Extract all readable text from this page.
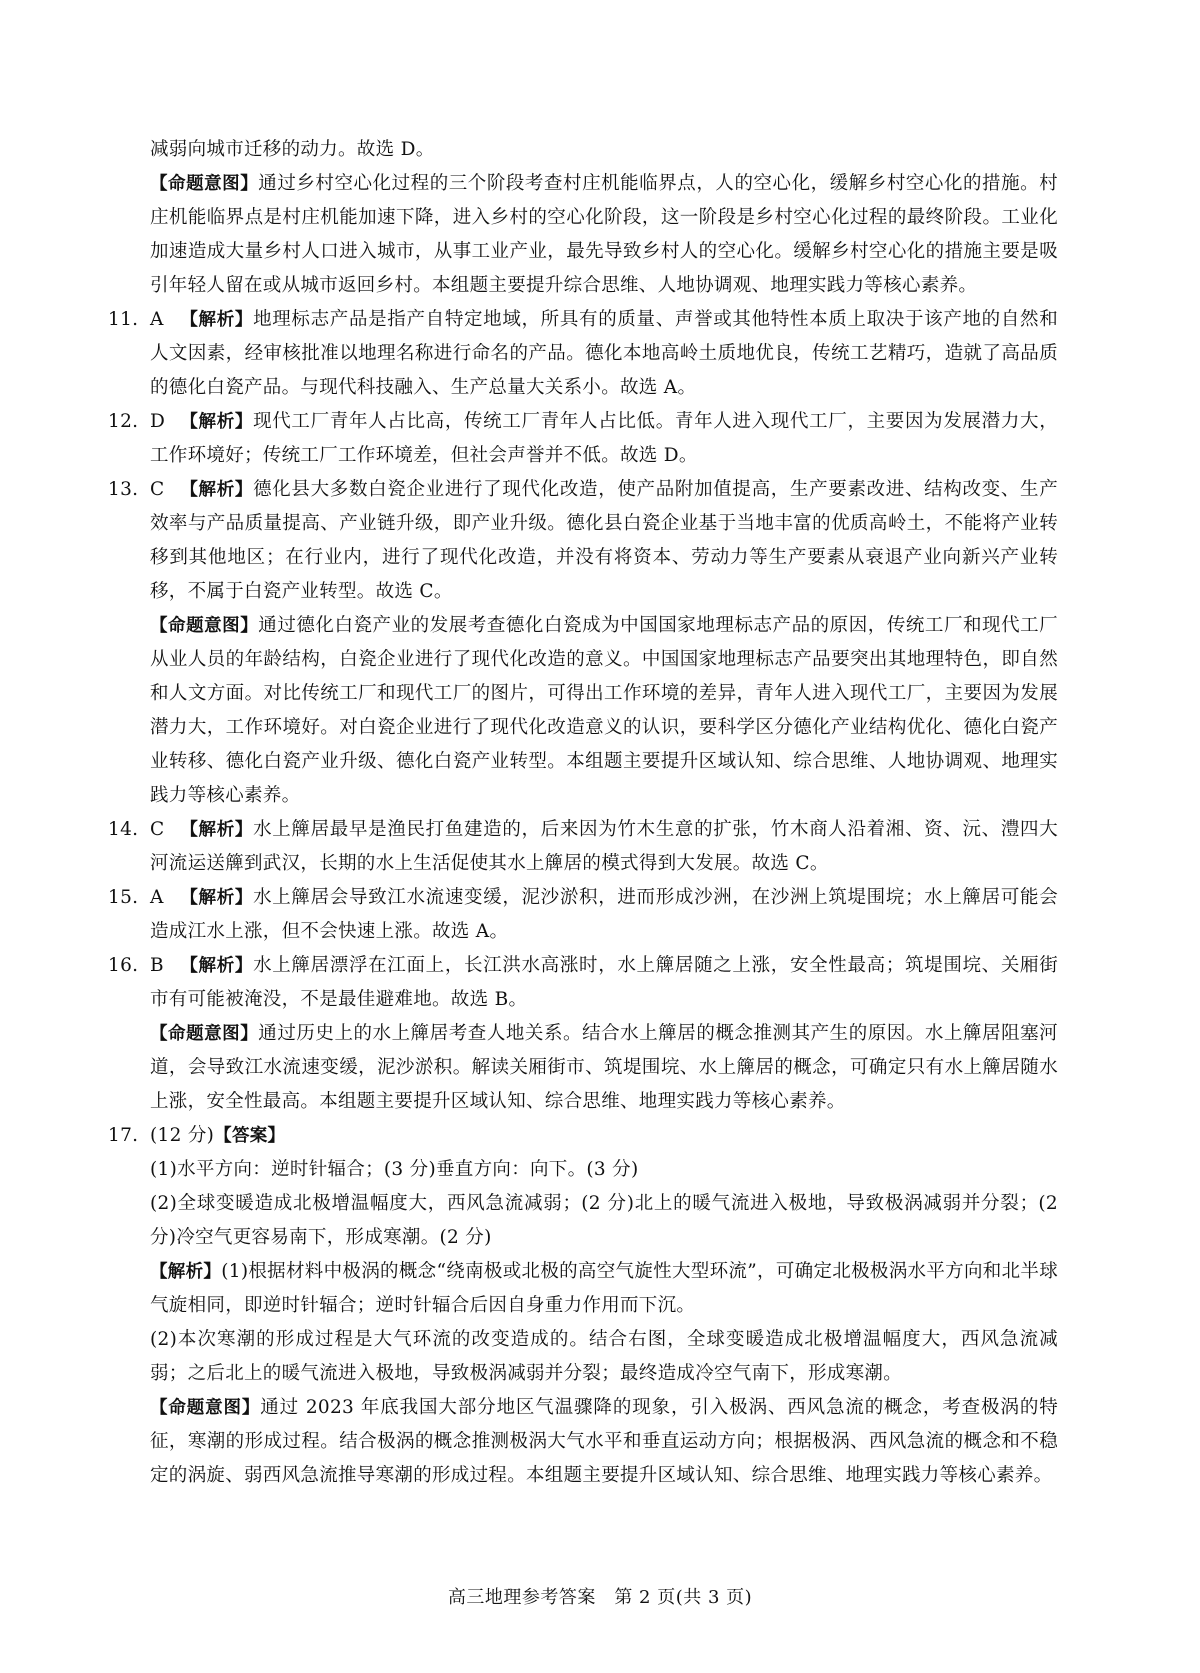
减弱向城市迁移的动力。故选 D。

【命题意图】通过乡村空心化过程的三个阶段考查村庄机能临界点，人的空心化，缓解乡村空心化的措施。村庄机能临界点是村庄机能加速下降，进入乡村的空心化阶段，这一阶段是乡村空心化过程的最终阶段。工业化加速造成大量乡村人口进入城市，从事工业产业，最先导致乡村人的空心化。缓解乡村空心化的措施主要是吸引年轻人留在或从城市返回乡村。本组题主要提升综合思维、人地协调观、地理实践力等核心素养。

11. A 【解析】地理标志产品是指产自特定地域，所具有的质量、声誉或其他特性本质上取决于该产地的自然和人文因素，经审核批准以地理名称进行命名的产品。德化本地高岭土质地优良，传统工艺精巧，造就了高品质的德化白瓷产品。与现代科技融入、生产总量大关系小。故选 A。

12. D 【解析】现代工厂青年人占比高，传统工厂青年人占比低。青年人进入现代工厂，主要因为发展潜力大，工作环境好；传统工厂工作环境差，但社会声誉并不低。故选 D。

13. C 【解析】德化县大多数白瓷企业进行了现代化改造，使产品附加值提高，生产要素改进、结构改变、生产效率与产品质量提高、产业链升级，即产业升级。德化县白瓷企业基于当地丰富的优质高岭土，不能将产业转移到其他地区；在行业内，进行了现代化改造，并没有将资本、劳动力等生产要素从衰退产业向新兴产业转移，不属于白瓷产业转型。故选 C。

【命题意图】通过德化白瓷产业的发展考查德化白瓷成为中国国家地理标志产品的原因，传统工厂和现代工厂从业人员的年龄结构，白瓷企业进行了现代化改造的意义。中国国家地理标志产品要突出其地理特色，即自然和人文方面。对比传统工厂和现代工厂的图片，可得出工作环境的差异，青年人进入现代工厂，主要因为发展潜力大，工作环境好。对白瓷企业进行了现代化改造意义的认识，要科学区分德化产业结构优化、德化白瓷产业转移、德化白瓷产业升级、德化白瓷产业转型。本组题主要提升区域认知、综合思维、人地协调观、地理实践力等核心素养。

14. C 【解析】水上簰居最早是渔民打鱼建造的，后来因为竹木生意的扩张，竹木商人沿着湘、资、沅、澧四大河流运送簰到武汉，长期的水上生活促使其水上簰居的模式得到大发展。故选 C。

15. A 【解析】水上簰居会导致江水流速变缓，泥沙淤积，进而形成沙洲，在沙洲上筑堤围垸；水上簰居可能会造成江水上涨，但不会快速上涨。故选 A。

16. B 【解析】水上簰居漂浮在江面上，长江洪水高涨时，水上簰居随之上涨，安全性最高；筑堤围垸、关厢街市有可能被淹没，不是最佳避难地。故选 B。

【命题意图】通过历史上的水上簰居考查人地关系。结合水上簰居的概念推测其产生的原因。水上簰居阻塞河道，会导致江水流速变缓，泥沙淤积。解读关厢街市、筑堤围垸、水上簰居的概念，可确定只有水上簰居随水上涨，安全性最高。本组题主要提升区域认知、综合思维、地理实践力等核心素养。

17. (12 分)【答案】

(1)水平方向：逆时针辐合；(3 分)垂直方向：向下。(3 分)

(2)全球变暖造成北极增温幅度大，西风急流减弱；(2 分)北上的暖气流进入极地，导致极涡减弱并分裂；(2 分)冷空气更容易南下，形成寒潮。(2 分)

【解析】(1)根据材料中极涡的概念“绕南极或北极的高空气旋性大型环流”，可确定北极极涡水平方向和北半球气旋相同，即逆时针辐合；逆时针辐合后因自身重力作用而下沉。

(2)本次寒潮的形成过程是大气环流的改变造成的。结合右图，全球变暖造成北极增温幅度大，西风急流减弱；之后北上的暖气流进入极地，导致极涡减弱并分裂；最终造成冷空气南下，形成寒潮。

【命题意图】通过 2023 年底我国大部分地区气温骤降的现象，引入极涡、西风急流的概念，考查极涡的特征，寒潮的形成过程。结合极涡的概念推测极涡大气水平和垂直运动方向；根据极涡、西风急流的概念和不稳定的涡旋、弱西风急流推导寒潮的形成过程。本组题主要提升区域认知、综合思维、地理实践力等核心素养。

高三地理参考答案　第 2 页(共 3 页)
